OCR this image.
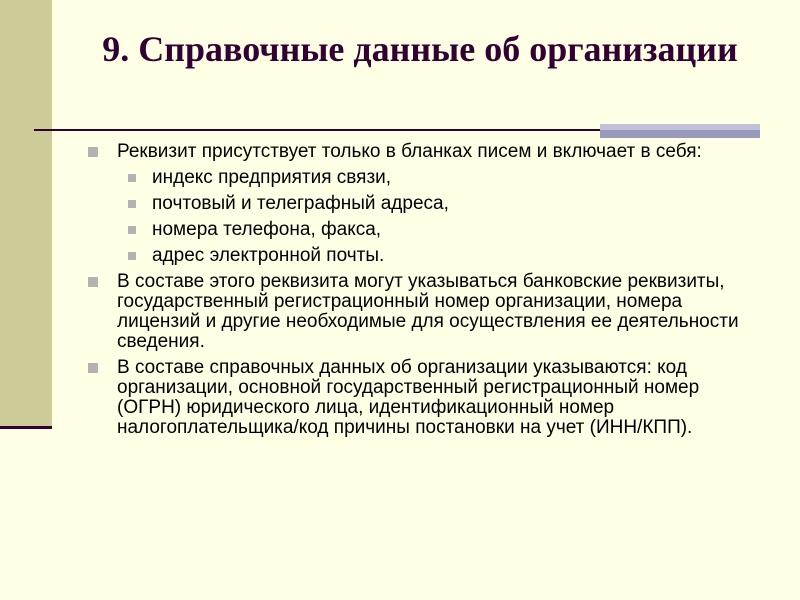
9. Справочные данные об организации
Реквизит присутствует только в бланках писем и включает в себя:
индекс предприятия связи,
почтовый и телеграфный адреса,
номера телефона, факса,
адрес электронной почты.
В составе этого реквизита могут указываться банковские реквизиты, государственный регистрационный номер организации, номера лицензий и другие необходимые для осуществления ее деятельности сведения.
В составе справочных данных об организации указываются: код организации, основной государственный регистрационный номер (ОГРН) юридического лица, идентификационный номер налогоплательщика/код причины постановки на учет (ИНН/КПП).
